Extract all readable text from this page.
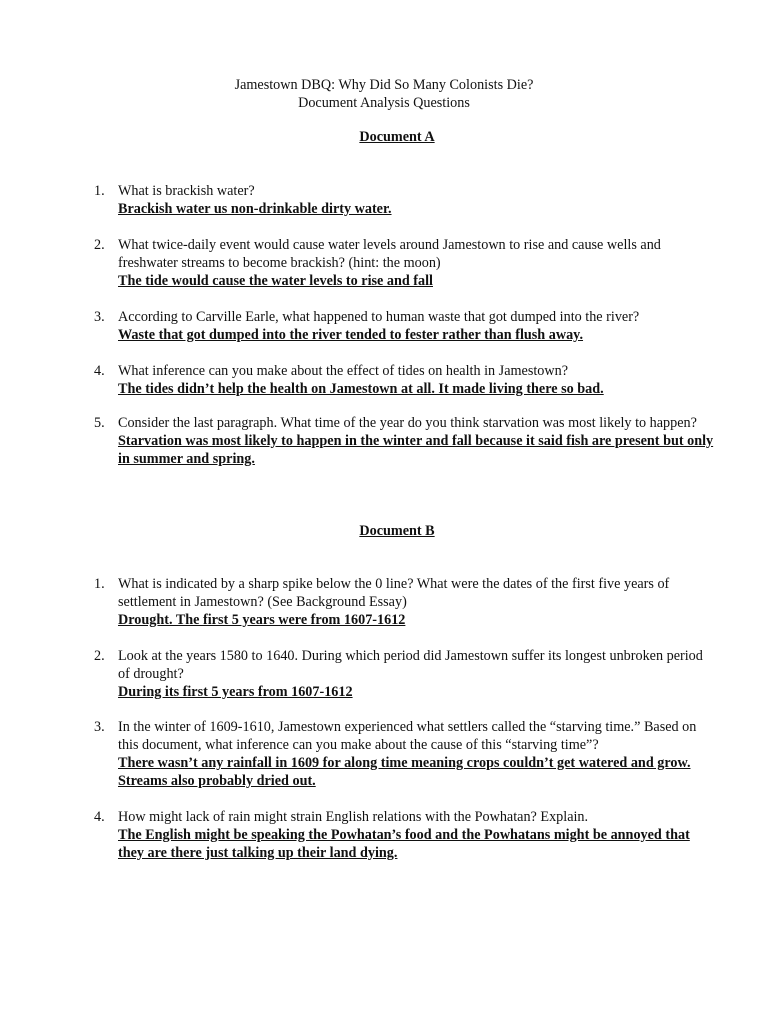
Jamestown DBQ: Why Did So Many Colonists Die?
Document Analysis Questions
Document A
1. What is brackish water?
Brackish water us non-drinkable dirty water.
2. What twice-daily event would cause water levels around Jamestown to rise and cause wells and freshwater streams to become brackish? (hint: the moon)
The tide would cause the water levels to rise and fall
3. According to Carville Earle, what happened to human waste that got dumped into the river?
Waste that got dumped into the river tended to fester rather than flush away.
4. What inference can you make about the effect of tides on health in Jamestown?
The tides didn’t help the health on Jamestown at all. It made living there so bad.
5. Consider the last paragraph. What time of the year do you think starvation was most likely to happen?
Starvation was most likely to happen in the winter and fall because it said fish are present but only in summer and spring.
Document B
1. What is indicated by a sharp spike below the 0 line? What were the dates of the first five years of settlement in Jamestown? (See Background Essay)
Drought. The first 5 years were from 1607-1612
2. Look at the years 1580 to 1640. During which period did Jamestown suffer its longest unbroken period of drought?
During its first 5 years from 1607-1612
3. In the winter of 1609-1610, Jamestown experienced what settlers called the “starving time.” Based on this document, what inference can you make about the cause of this “starving time”?
There wasn’t any rainfall in 1609 for along time meaning crops couldn’t get watered and grow. Streams also probably dried out.
4. How might lack of rain might strain English relations with the Powhatan? Explain.
The English might be speaking the Powhatan’s food and the Powhatans might be annoyed that they are there just talking up their land dying.
